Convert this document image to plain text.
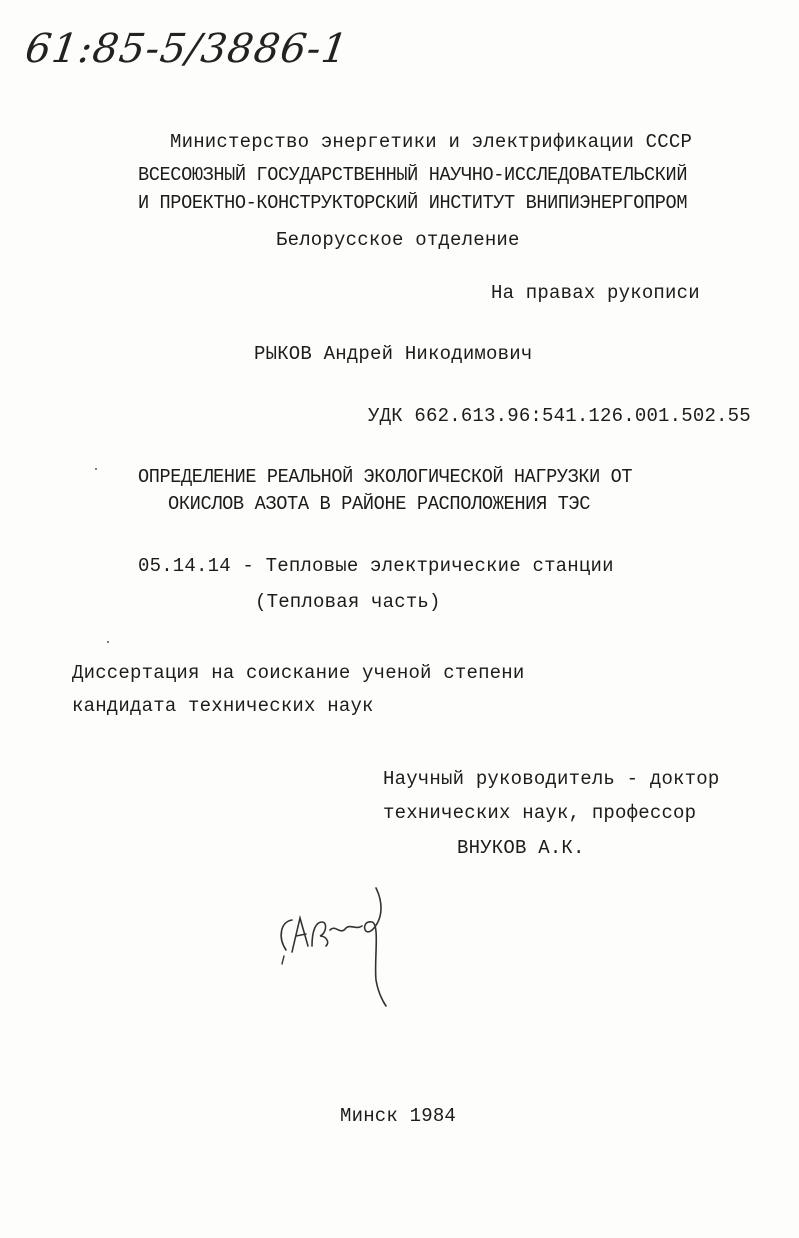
61:85-5/3886-1
Министерство энергетики и электрификации СССР
ВСЕСОЮЗНЫЙ ГОСУДАРСТВЕННЫЙ НАУЧНО-ИССЛЕДОВАТЕЛЬСКИЙ
И ПРОЕКТНО-КОНСТРУКТОРСКИЙ ИНСТИТУТ ВНИПИЭНЕРГОПРОМ
Белорусское отделение
На правах рукописи
РЫКОВ Андрей Никодимович
УДК 662.613.96:541.126.001.502.55
ОПРЕДЕЛЕНИЕ РЕАЛЬНОЙ ЭКОЛОГИЧЕСКОЙ НАГРУЗКИ ОТ
ОКИСЛОВ АЗОТА В РАЙОНЕ РАСПОЛОЖЕНИЯ ТЭС
05.14.14 - Тепловые электрические станции
(Тепловая часть)
Диссертация на соискание ученой степени
кандидата технических наук
Научный руководитель - доктор
технических наук, профессор
ВНУКОВ А.К.
Минск 1984
